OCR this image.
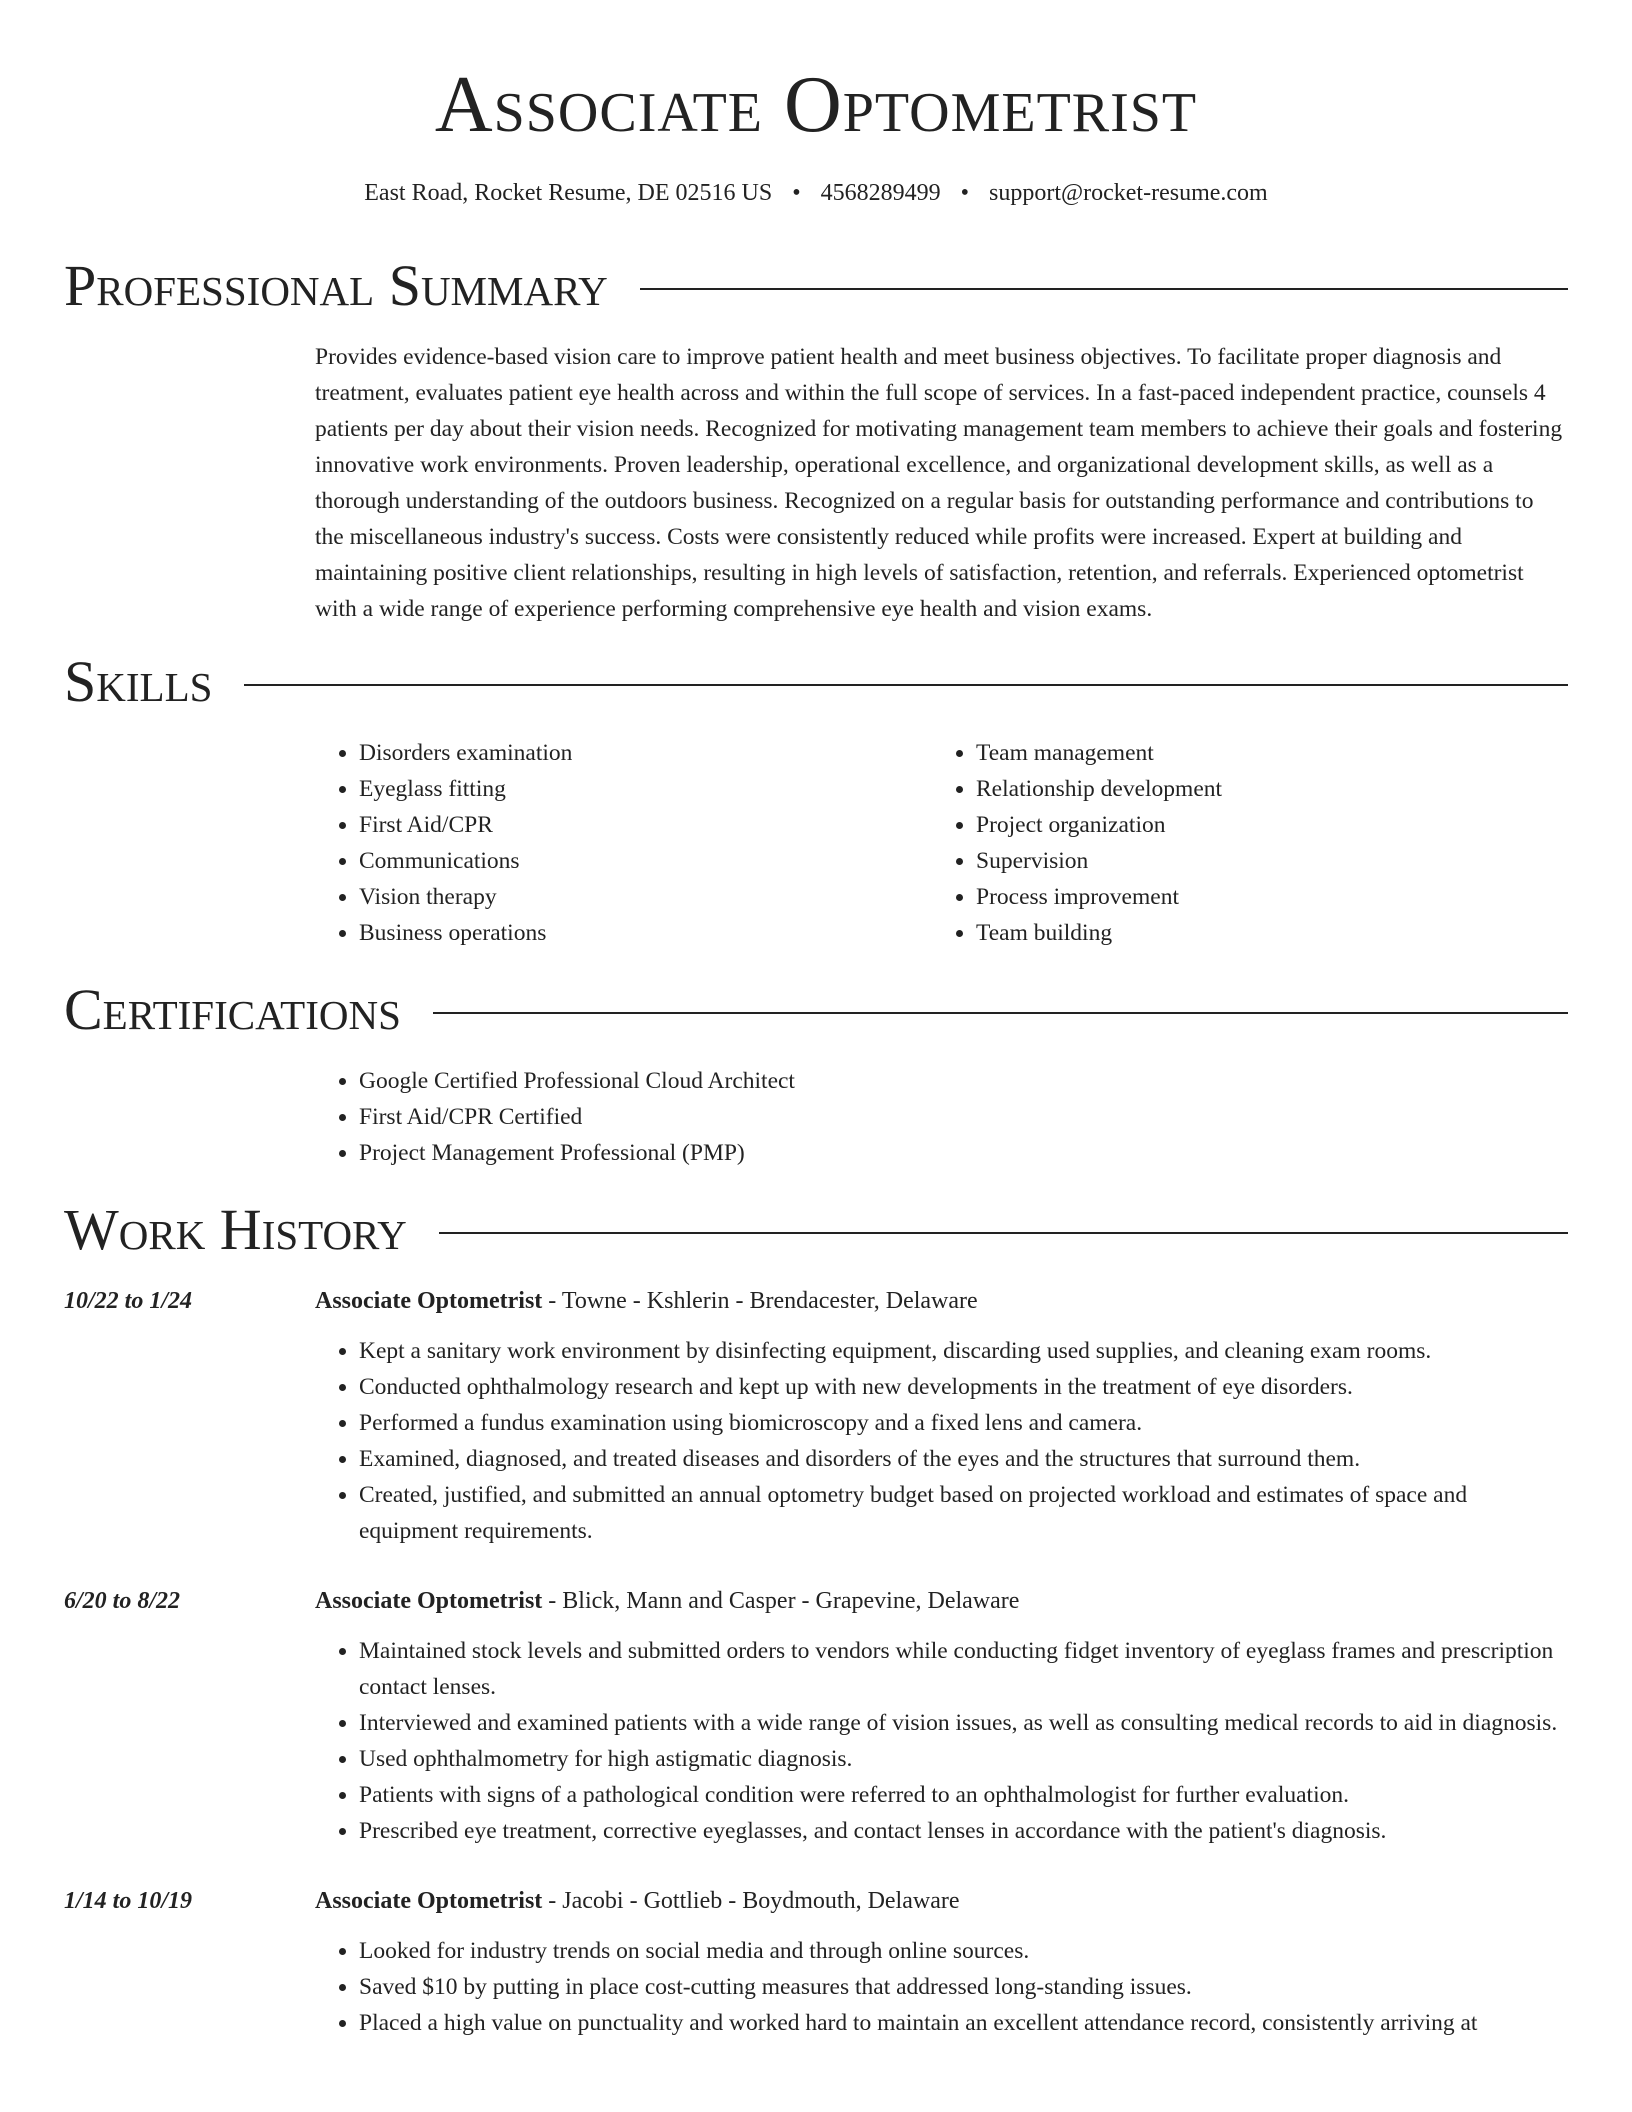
Associate Optometrist
East Road, Rocket Resume, DE 02516 US • 4568289499 • support@rocket-resume.com
Professional Summary
Provides evidence-based vision care to improve patient health and meet business objectives. To facilitate proper diagnosis and treatment, evaluates patient eye health across and within the full scope of services. In a fast-paced independent practice, counsels 4 patients per day about their vision needs. Recognized for motivating management team members to achieve their goals and fostering innovative work environments. Proven leadership, operational excellence, and organizational development skills, as well as a thorough understanding of the outdoors business. Recognized on a regular basis for outstanding performance and contributions to the miscellaneous industry's success. Costs were consistently reduced while profits were increased. Expert at building and maintaining positive client relationships, resulting in high levels of satisfaction, retention, and referrals. Experienced optometrist with a wide range of experience performing comprehensive eye health and vision exams.
Skills
• Disorders examination
• Eyeglass fitting
• First Aid/CPR
• Communications
• Vision therapy
• Business operations
• Team management
• Relationship development
• Project organization
• Supervision
• Process improvement
• Team building
Certifications
• Google Certified Professional Cloud Architect
• First Aid/CPR Certified
• Project Management Professional (PMP)
Work History
10/22 to 1/24	Associate Optometrist - Towne - Kshlerin - Brendacester, Delaware
• Kept a sanitary work environment by disinfecting equipment, discarding used supplies, and cleaning exam rooms.
• Conducted ophthalmology research and kept up with new developments in the treatment of eye disorders.
• Performed a fundus examination using biomicroscopy and a fixed lens and camera.
• Examined, diagnosed, and treated diseases and disorders of the eyes and the structures that surround them.
• Created, justified, and submitted an annual optometry budget based on projected workload and estimates of space and equipment requirements.
6/20 to 8/22	Associate Optometrist - Blick, Mann and Casper - Grapevine, Delaware
• Maintained stock levels and submitted orders to vendors while conducting fidget inventory of eyeglass frames and prescription contact lenses.
• Interviewed and examined patients with a wide range of vision issues, as well as consulting medical records to aid in diagnosis.
• Used ophthalmometry for high astigmatic diagnosis.
• Patients with signs of a pathological condition were referred to an ophthalmologist for further evaluation.
• Prescribed eye treatment, corrective eyeglasses, and contact lenses in accordance with the patient's diagnosis.
1/14 to 10/19	Associate Optometrist - Jacobi - Gottlieb - Boydmouth, Delaware
• Looked for industry trends on social media and through online sources.
• Saved $10 by putting in place cost-cutting measures that addressed long-standing issues.
• Placed a high value on punctuality and worked hard to maintain an excellent attendance record, consistently arriving at
